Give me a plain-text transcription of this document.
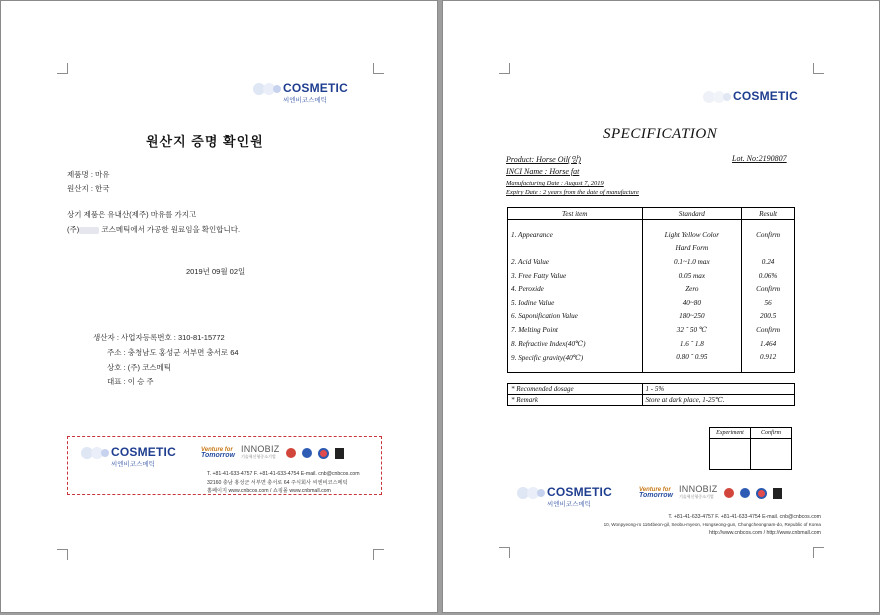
COSMETIC
씨엔비코스메틱
원산지 증명 확인원
제품명 : 마유
원산지 : 한국
상기 제품은 유내산(제주) 마유를 가지고
(주)	코스메틱에서 가공한 원료임을 확인합니다.
2019년 09월 02일
생산자 : 사업자등록번호 : 310-81-15772
주소 : 충청남도 홍성군 서부면 충서로 64
상호 : (주) 코스메틱
대표 : 이 승 주
COSMETIC
씨엔비코스메틱
Venture for
Tomorrow
INNOBIZ
기술혁신형중소기업
T. +81-41-633-4757 F. +81-41-633-4754 E-mail. cnb@cnbcos.com
32160 충남 홍성군 서부면 충서로 64 주식회사 씨엔비코스메틱
홈페이지 www.cnbcos.com / 쇼핑몰 www.cnbmall.com
COSMETIC
SPECIFICATION
Product: Horse Oil(앙)	Lot. No:2190807
INCI Name : Horse fat
Manufacturing Date : August 7, 2019
Expiry Date : 2 years from the date of manufacture
Test item	Standard	Result

1. Appearance	Light Yellow Color	Confirm
	Hard Form	
2. Acid Value	0.1~1.0 max	0.24
3. Free Fatty Value	0.05 max	0.06%
4. Peroxide	Zero	Confirm
5. Iodine Value	40~80	56
6. Saponification Value	180~250	200.5
7. Melting Point	32 ˜ 50 ℃	Confirm
8. Refractive Index(40℃)	1.6 ˜ 1.8	1.464
9. Specific gravity(40℃)	0.80 ˜ 0.95	0.912

* Recomended dosage	1 - 5%
* Remark	Store at dark place, 1-25℃.
Experiment	Confirm

COSMETIC
씨엔비코스메틱
Venture for
Tomorrow
INNOBIZ
기술혁신형중소기업
T. +81-41-633-4757 F. +81-41-633-4754 E-mail. cnb@cnbcos.com
10, Wonpyeong-ro 1164beon-gil, Seobu-myeon, Hongseong-gun, Chungcheongnam-do, Republic of Korea
http://www.cnbcos.com / http://www.cnbmall.com
